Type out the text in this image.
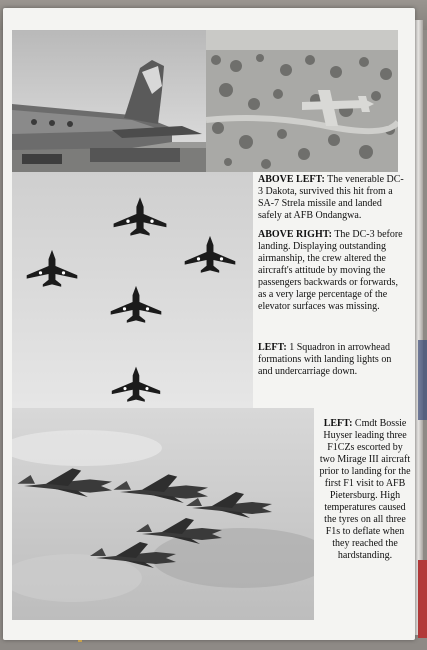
ABOVE LEFT: The venerable DC-3 Dakota, survived this hit from a SA-7 Strela missile and landed safely at AFB Ondangwa.

ABOVE RIGHT: The DC-3 before landing. Displaying outstanding airmanship, the crew altered the aircraft's attitude by moving the passengers backwards or forwards, as a very large percentage of the elevator surfaces was missing.

LEFT: 1 Squadron in arrowhead formations with landing lights on and undercarriage down.

LEFT: Cmdt Bossie Huyser leading three F1CZs escorted by two Mirage III aircraft prior to landing for the first F1 visit to AFB Pietersburg. High temperatures caused the tyres on all three F1s to deflate when they reached the hardstanding.
